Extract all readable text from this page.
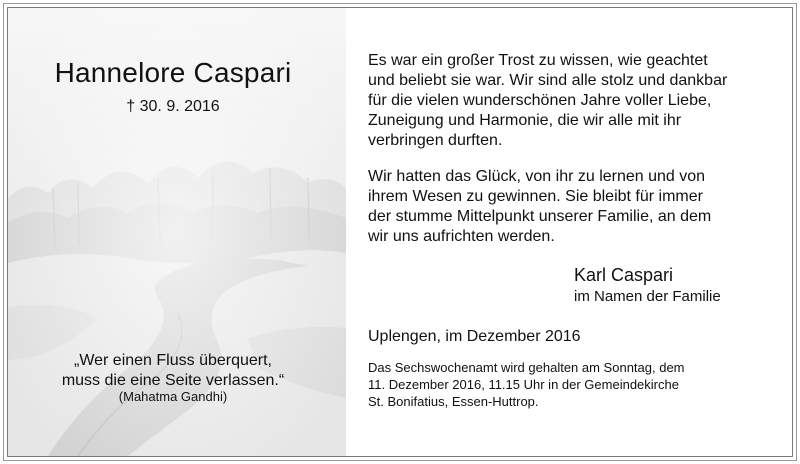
Hannelore Caspari
† 30. 9. 2016
„Wer einen Fluss überquert,
muss die eine Seite verlassen.“
(Mahatma Gandhi)
Es war ein großer Trost zu wissen, wie geachtet
und beliebt sie war. Wir sind alle stolz und dankbar
für die vielen wunderschönen Jahre voller Liebe,
Zuneigung und Harmonie, die wir alle mit ihr
verbringen durften.
Wir hatten das Glück, von ihr zu lernen und von
ihrem Wesen zu gewinnen. Sie bleibt für immer
der stumme Mittelpunkt unserer Familie, an dem
wir uns aufrichten werden.
Karl Caspari
im Namen der Familie
Uplengen, im Dezember 2016
Das Sechswochenamt wird gehalten am Sonntag, dem
11. Dezember 2016, 11.15 Uhr in der Gemeindekirche
St. Bonifatius, Essen-Huttrop.
